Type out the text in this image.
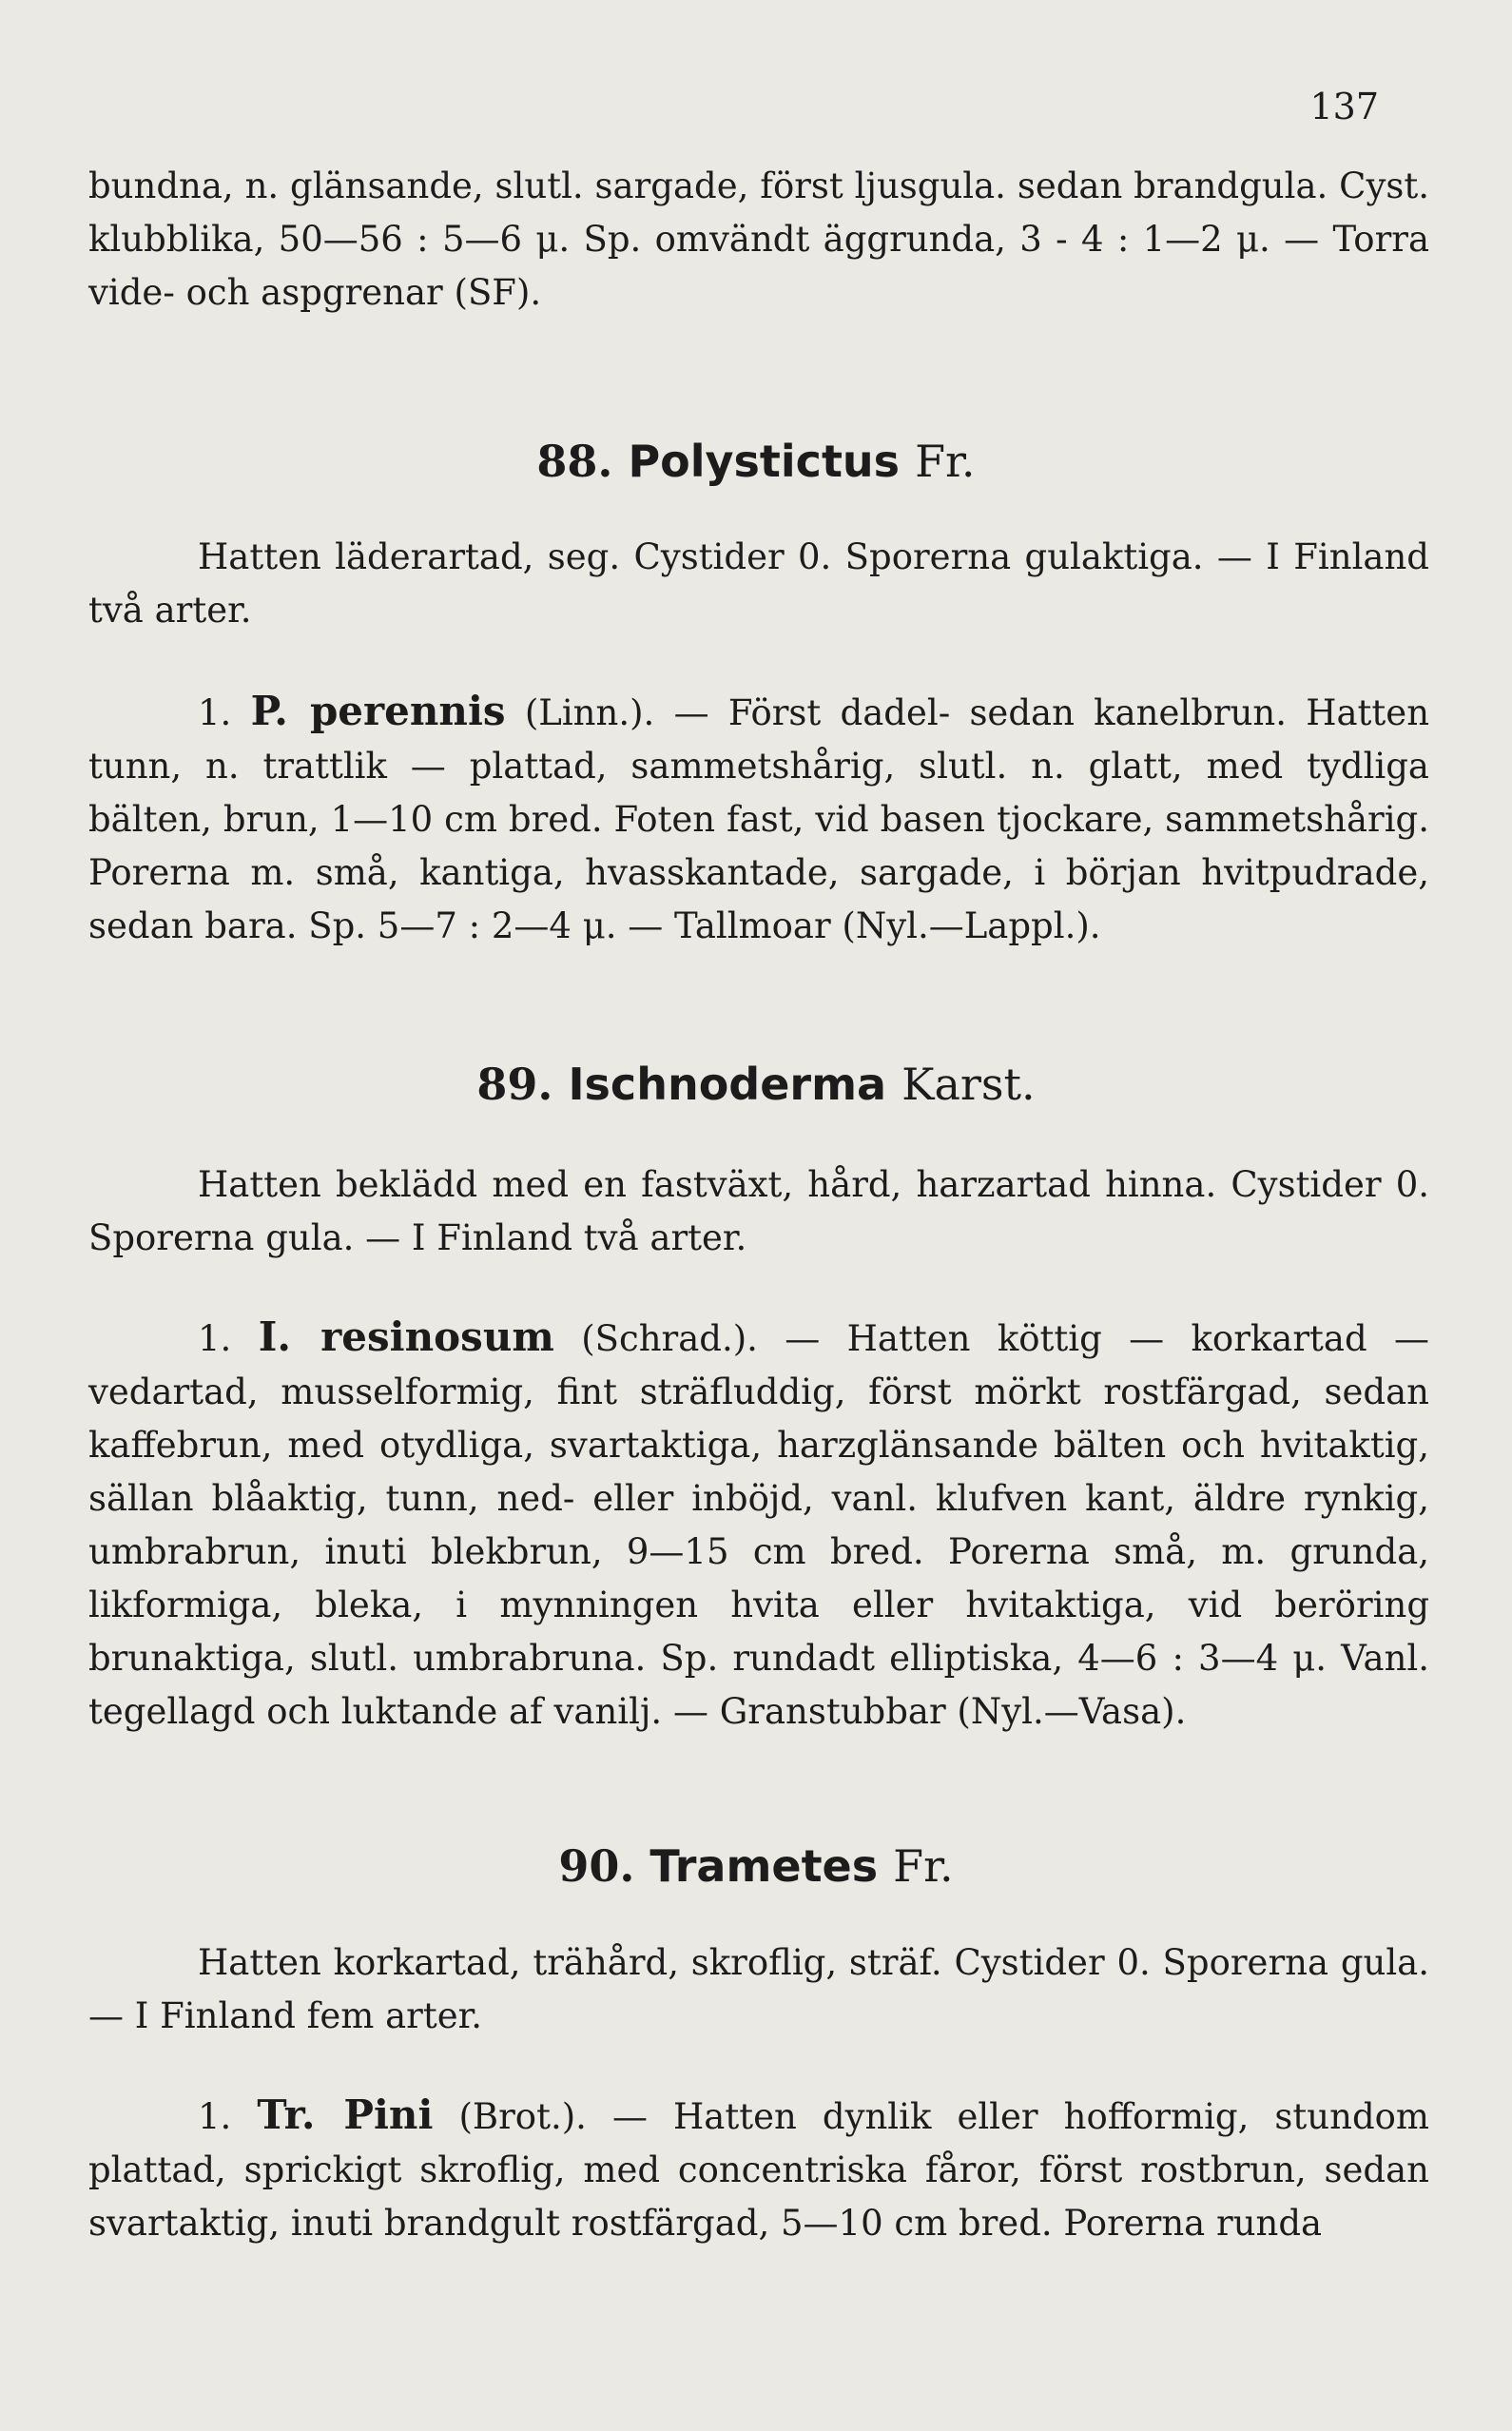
137

bundna, n. glänsande, slutl. sargade, först ljusgula. sedan brandgula. Cyst. klubblika, 50—56 : 5—6 μ. Sp. omvändt äggrunda, 3 - 4 : 1—2 μ. — Torra vide- och aspgrenar (SF).

88. Polystictus Fr.

Hatten läderartad, seg. Cystider 0. Sporerna gulaktiga. — I Finland två arter.

1. P. perennis (Linn.). — Först dadel- sedan kanelbrun. Hatten tunn, n. trattlik — plattad, sammetshårig, slutl. n. glatt, med tydliga bälten, brun, 1—10 cm bred. Foten fast, vid basen tjockare, sammetshårig. Porerna m. små, kantiga, hvasskantade, sargade, i början hvitpudrade, sedan bara. Sp. 5—7 : 2—4 μ. — Tallmoar (Nyl.—Lappl.).

89. Ischnoderma Karst.

Hatten beklädd med en fastväxt, hård, harzartad hinna. Cystider 0. Sporerna gula. — I Finland två arter.

1. I. resinosum (Schrad.). — Hatten köttig — korkartad — vedartad, musselformig, fint sträfluddig, först mörkt rostfärgad, sedan kaffebrun, med otydliga, svartaktiga, harzglänsande bälten och hvitaktig, sällan blåaktig, tunn, ned- eller inböjd, vanl. klufven kant, äldre rynkig, umbrabrun, inuti blekbrun, 9—15 cm bred. Porerna små, m. grunda, likformiga, bleka, i mynningen hvita eller hvitaktiga, vid beröring brunaktiga, slutl. umbrabruna. Sp. rundadt elliptiska, 4—6 : 3—4 μ. Vanl. tegellagd och luktande af vanilj. — Granstubbar (Nyl.—Vasa).

90. Trametes Fr.

Hatten korkartad, trähård, skroflig, sträf. Cystider 0. Sporerna gula. — I Finland fem arter.

1. Tr. Pini (Brot.). — Hatten dynlik eller hofformig, stundom plattad, sprickigt skroflig, med concentriska fåror, först rostbrun, sedan svartaktig, inuti brandgult rostfärgad, 5—10 cm bred. Porerna runda
